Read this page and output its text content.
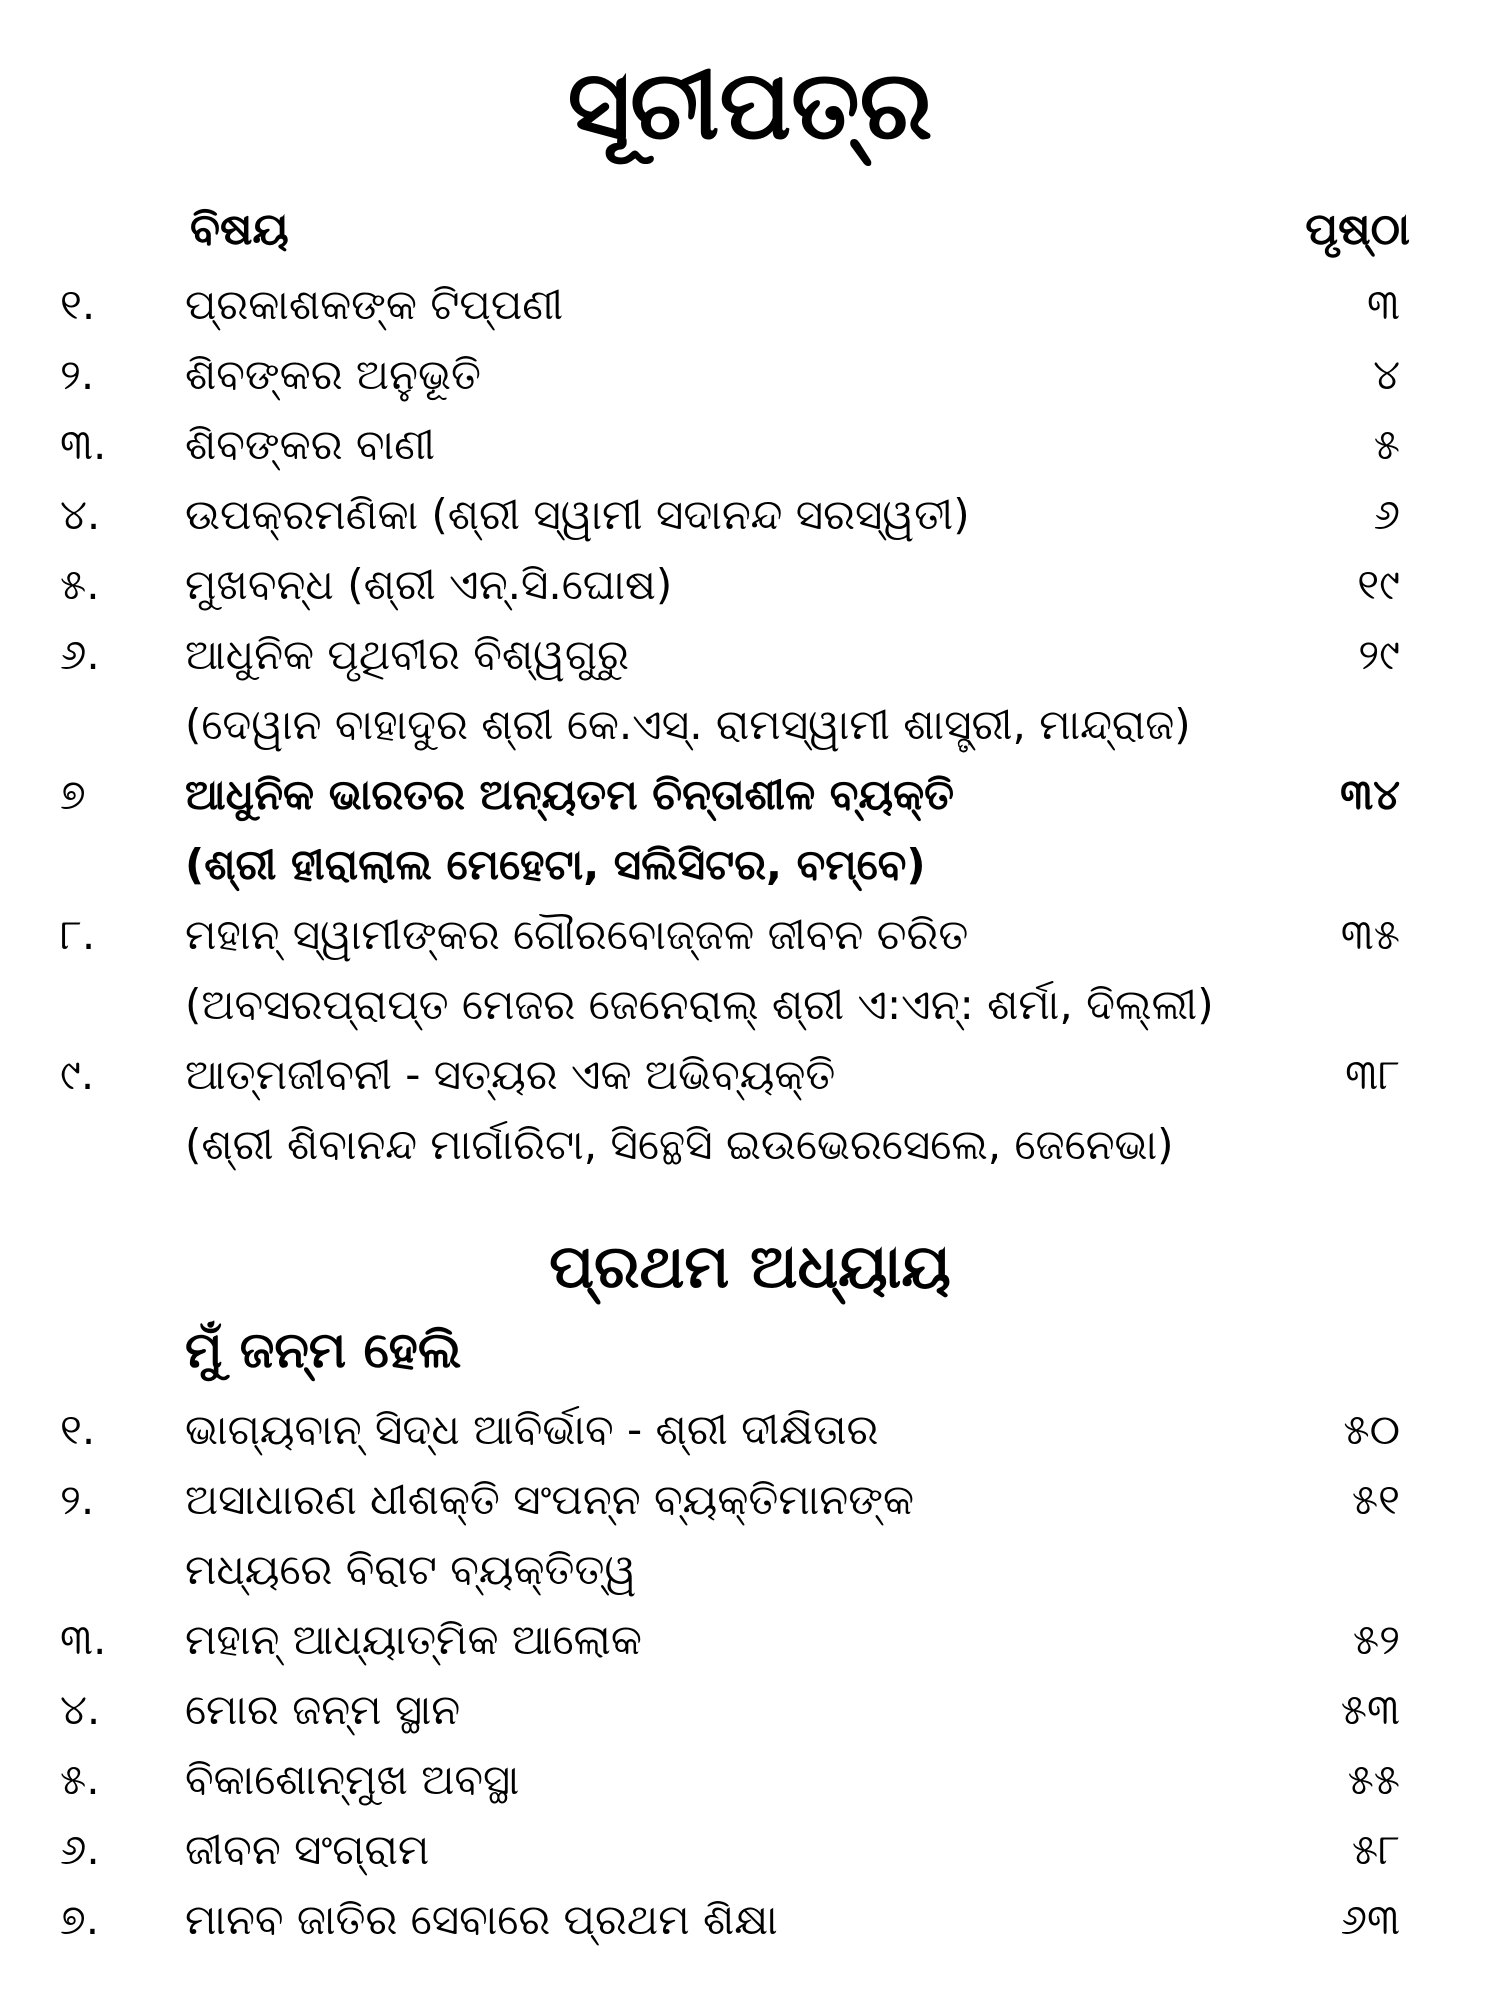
ସୂଚୀପତ୍ର
ବିଷୟ	ପୃଷ୍ଠା
୧. ପ୍ରକାଶକଙ୍କ ଟିପ୍ପଣୀ	୩
୨. ଶିବଙ୍କର ଅନୁଭୂତି	୪
୩. ଶିବଙ୍କର ବାଣୀ	୫
୪. ଉପକ୍ରମଣିକା (ଶ୍ରୀ ସ୍ୱାମୀ ସଦାନନ୍ଦ ସରସ୍ୱତୀ)	୬
୫. ମୁଖବନ୍ଧ (ଶ୍ରୀ ଏନ୍.ସି.ଘୋଷ)	୧୯
୬. ଆଧୁନିକ ପୃଥିବୀର ବିଶ୍ୱଗୁରୁ	୨୯
(ଦେୱାନ ବାହାଦୁର ଶ୍ରୀ କେ.ଏସ୍. ରାମସ୍ୱାମୀ ଶାସ୍ତ୍ରୀ, ମାନ୍ଦ୍ରାଜ)
୭ ଆଧୁନିକ ଭାରତର ଅନ୍ୟତମ ଚିନ୍ତାଶୀଳ ବ୍ୟକ୍ତି	୩୪
(ଶ୍ରୀ ହୀରାଲାଲ ମେହେଟା, ସଲିସିଟର, ବମ୍ବେ)
୮. ମହାନ୍ ସ୍ୱାମୀଙ୍କର ଗୌରବୋଜ୍ଜଳ ଜୀବନ ଚରିତ	୩୫
(ଅବସରପ୍ରାପ୍ତ ମେଜର ଜେନେରାଲ୍ ଶ୍ରୀ ଏ:ଏନ୍: ଶର୍ମା, ଦିଲ୍ଲୀ)
୯. ଆତ୍ମଜୀବନୀ - ସତ୍ୟର ଏକ ଅଭିବ୍ୟକ୍ତି	୩୮
(ଶ୍ରୀ ଶିବାନନ୍ଦ ମାର୍ଗାରିଟା, ସିନ୍ଥେସି ଇଉଭେରସେଲେ, ଜେନେଭା)
ପ୍ରଥମ ଅଧ୍ୟାୟ
ମୁଁ ଜନ୍ମ ହେଲି
୧. ଭାଗ୍ୟବାନ୍ ସିଦ୍ଧ ଆବିର୍ଭାବ - ଶ୍ରୀ ଦୀକ୍ଷିତାର	୫୦
୨. ଅସାଧାରଣ ଧୀଶକ୍ତି ସଂପନ୍ନ ବ୍ୟକ୍ତିମାନଙ୍କ	୫୧
ମଧ୍ୟରେ ବିରାଟ ବ୍ୟକ୍ତିତ୍ୱ
୩. ମହାନ୍ ଆଧ୍ୟାତ୍ମିକ ଆଲୋକ	୫୨
୪. ମୋର ଜନ୍ମ ସ୍ଥାନ	୫୩
୫. ବିକାଶୋନ୍ମୁଖ ଅବସ୍ଥା	୫୫
୬. ଜୀବନ ସଂଗ୍ରାମ	୫୮
୭. ମାନବ ଜାତିର ସେବାରେ ପ୍ରଥମ ଶିକ୍ଷା	୬୩
